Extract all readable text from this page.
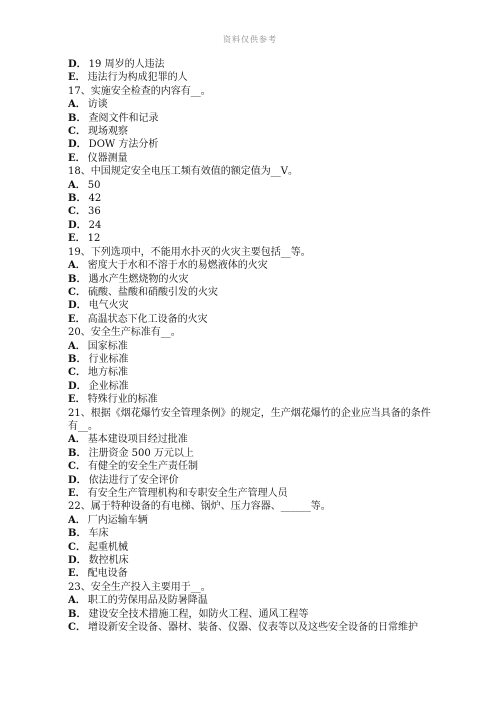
资料仅供参考
D． 19 周岁的人违法
E． 违法行为构成犯罪的人
17、实施安全检查的内容有__。
A． 访谈
B． 查阅文件和记录
C． 现场观察
D． DOW 方法分析
E． 仪器测量
18、中国规定安全电压工频有效值的额定值为__V。
A． 50
B． 42
C． 36
D． 24
E． 12
19、下列选项中，不能用水扑灭的火灾主要包括__等。
A． 密度大于水和不溶于水的易燃液体的火灾
B． 遇水产生燃烧物的火灾
C． 硫酸、盐酸和硝酸引发的火灾
D． 电气火灾
E． 高温状态下化工设备的火灾
20、安全生产标准有__。
A． 国家标准
B． 行业标准
C． 地方标准
D． 企业标准
E． 特殊行业的标准
21、根据《烟花爆竹安全管理条例》的规定，生产烟花爆竹的企业应当具备的条件有__。
A． 基本建设项目经过批准
B． 注册资金 500 万元以上
C． 有健全的安全生产责任制
D． 依法进行了安全评价
E． 有安全生产管理机构和专职安全生产管理人员
22、属于特种设备的有电梯、锅炉、压力容器、______等。
A． 厂内运输车辆
B． 车床
C． 起重机械
D． 数控机床
E． 配电设备
23、安全生产投入主要用于__。
A． 职工的劳保用品及防暑降温
B． 建设安全技术措施工程，如防火工程、通风工程等
C． 增设新安全设备、器材、装备、仪器、仪表等以及这些安全设备的日常维护
